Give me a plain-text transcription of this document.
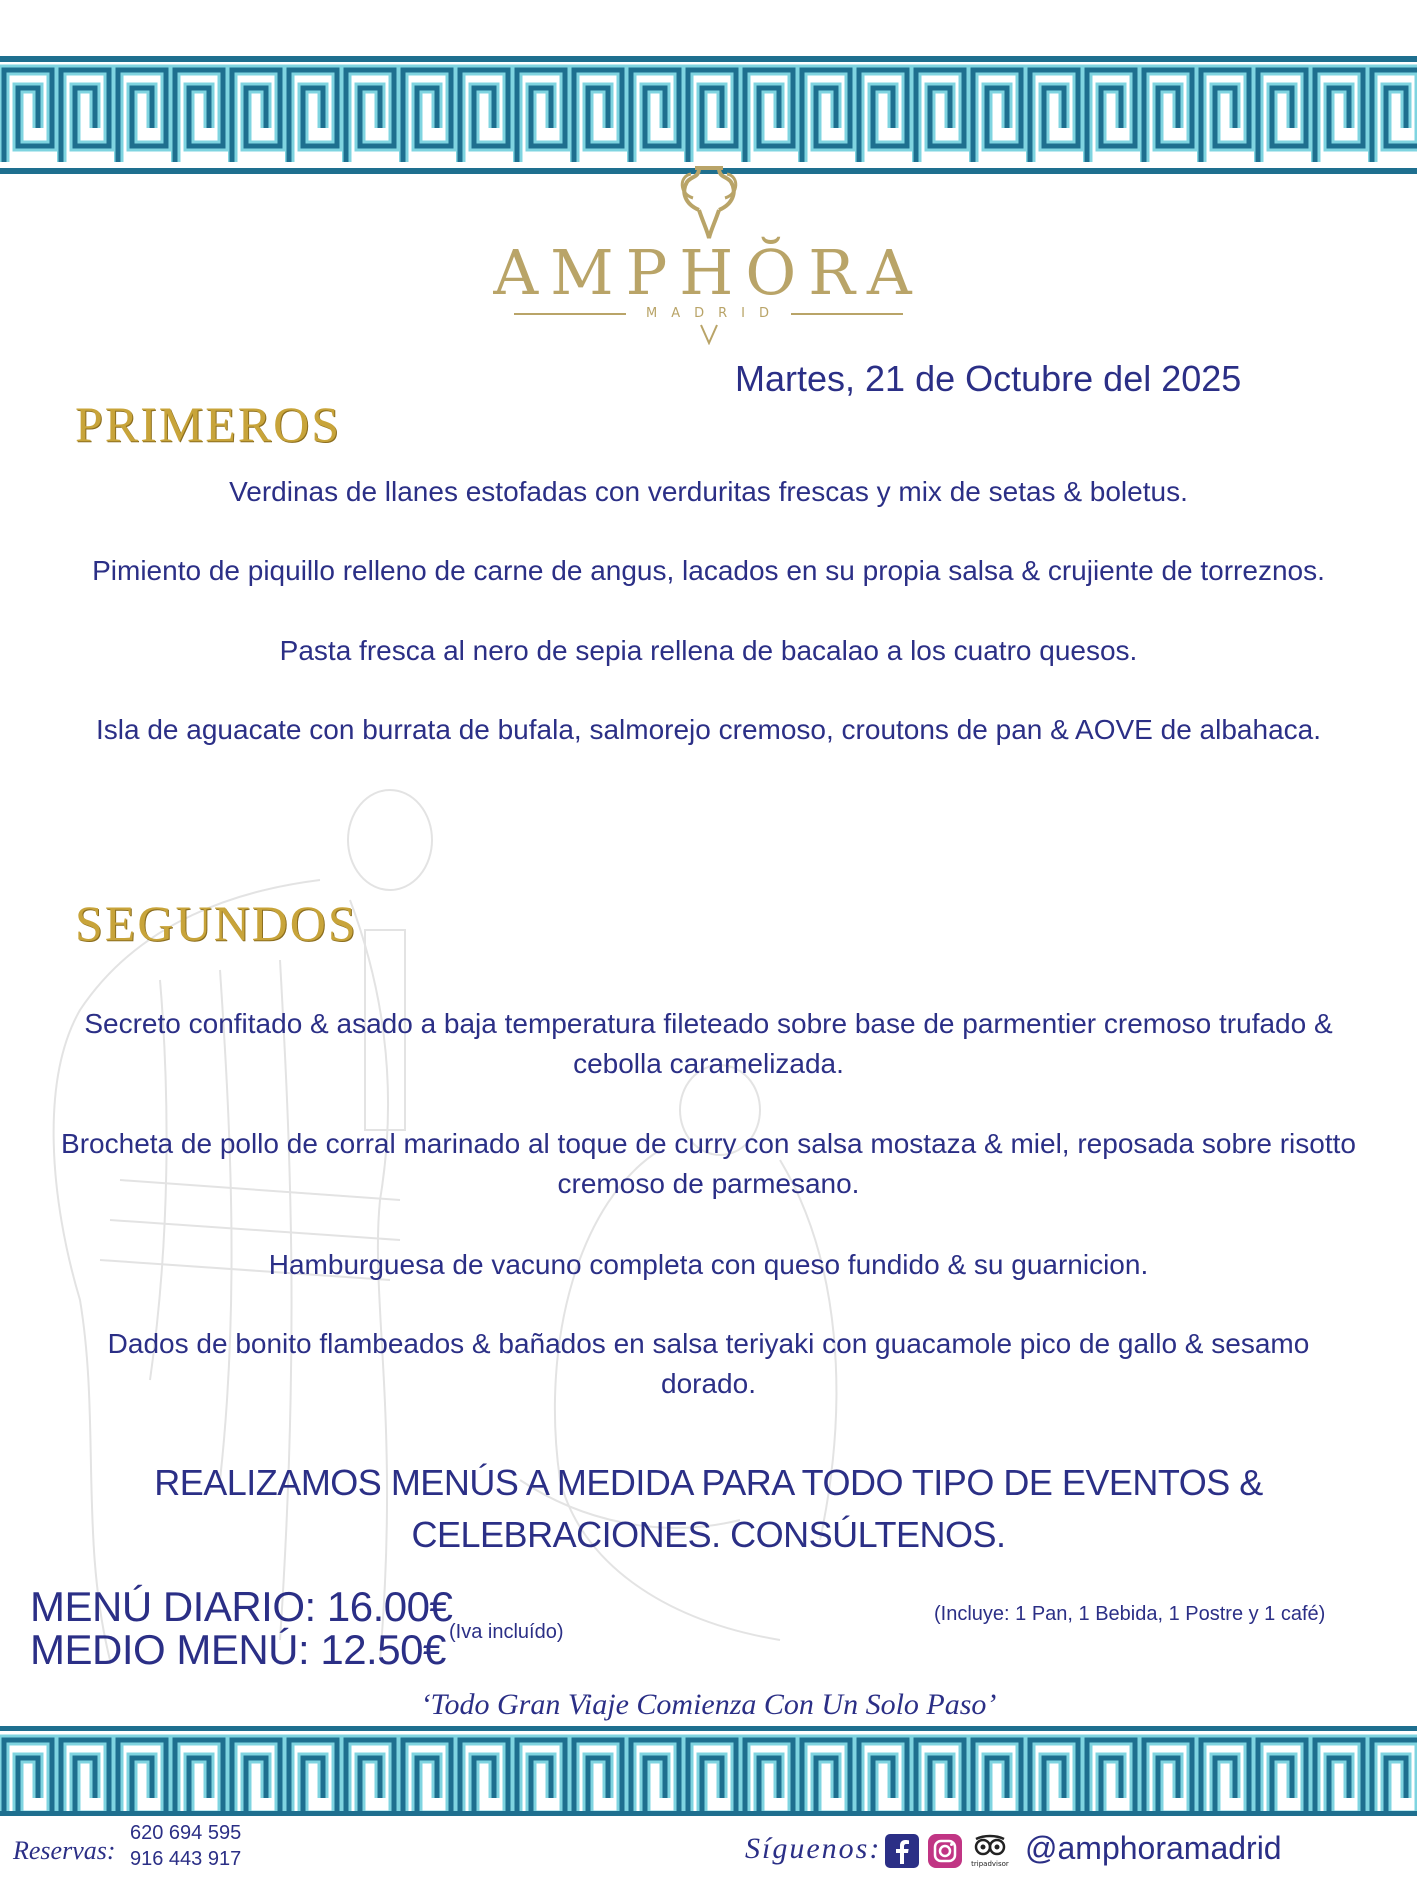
AMPHŎRA
MADRID
Martes, 21 de Octubre del 2025
PRIMEROS
Verdinas de llanes estofadas con verduritas frescas y mix de setas & boletus.
Pimiento de piquillo relleno de carne de angus, lacados en su propia salsa & crujiente de torreznos.
Pasta fresca al nero de sepia rellena de bacalao a los cuatro quesos.
Isla de aguacate con burrata de bufala, salmorejo cremoso, croutons de pan & AOVE de albahaca.
SEGUNDOS
Secreto confitado & asado a baja temperatura fileteado sobre base de parmentier cremoso trufado & cebolla caramelizada.
Brocheta de pollo de corral marinado al toque de curry con salsa mostaza & miel, reposada sobre risotto cremoso de parmesano.
Hamburguesa de vacuno completa con queso fundido & su guarnicion.
Dados de bonito flambeados & bañados en salsa teriyaki con guacamole pico de gallo & sesamo dorado.
REALIZAMOS MENÚS A MEDIDA PARA TODO TIPO DE EVENTOS & CELEBRACIONES. CONSÚLTENOS.
MENÚ DIARIO: 16.00€
MEDIO MENÚ: 12.50€ (Iva incluído)
(Incluye: 1 Pan, 1 Bebida, 1 Postre y 1 café)
‘Todo Gran Viaje Comienza Con Un Solo Paso’
Reservas:
620 694 595
916 443 917	Síguenos:	tripadvisor @amphoramadrid
